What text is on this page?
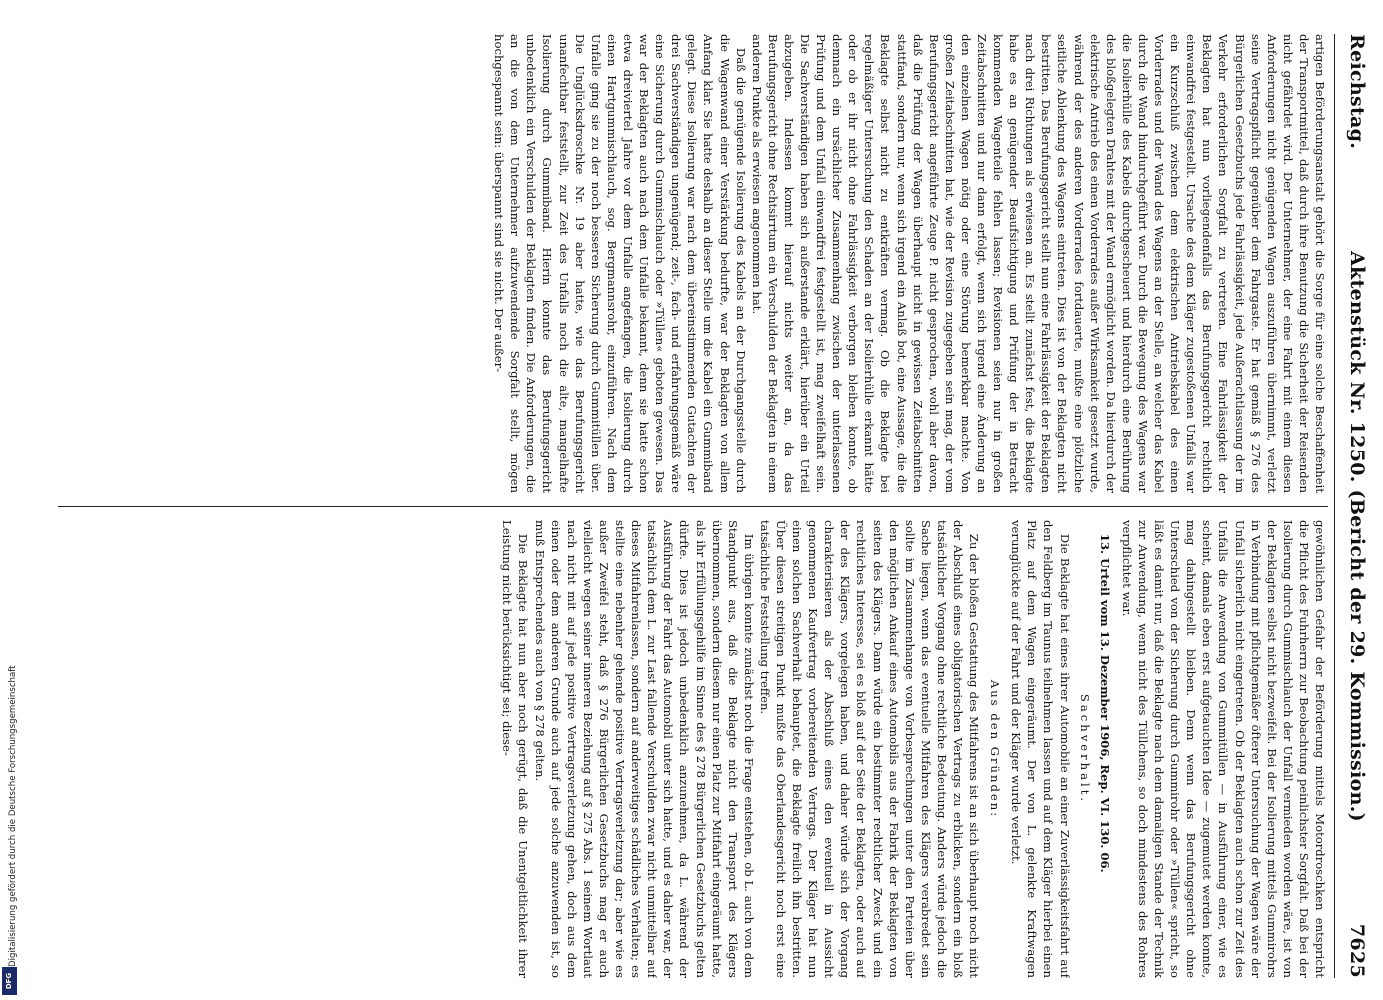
Digitalisierung gefördert durch die Deutsche Forschungsgemeinschaft
DFG
Reichstag.
Aktenstück Nr. 1250. (Bericht der 29. Kommission.)
7625

artigen Beförderungsanstalt gehört die Sorge für eine solche Beschaffenheit der Transportmittel, daß durch ihre Benutzung die Sicherheit der Reisenden nicht gefährdet wird. Der Unternehmer, der eine Fahrt mit einem diesen Anforderungen nicht genügenden Wagen auszuführen übernimmt, verletzt seine Vertragspflicht gegenüber dem Fahrgaste. Er hat gemäß § 276 des Bürgerlichen Gesetzbuchs jede Fahrlässigkeit, jede Außerachtlassung der im Verkehr erforderlichen Sorgfalt zu vertreten. Eine Fahrlässigkeit der Beklagten hat nun vorliegendenfalls das Berufungsgericht rechtlich einwandfrei festgestellt. Ursache des dem Kläger zugestoßenen Unfalls war ein Kurzschluß zwischen dem elektrischen Antriebskabel des einen Vorderrades und der Wand des Wagens an der Stelle, an welcher das Kabel durch die Wand hindurchgeführt war. Durch die Bewegung des Wagens war die Isolierhülle des Kabels durchgescheuert und hierdurch eine Berührung des bloßgelegten Drahtes mit der Wand ermöglicht worden. Da hierdurch der elektrische Antrieb des einen Vorderrades außer Wirksamkeit gesetzt wurde, während der des anderen Vorderrades fortdauerte, mußte eine plötzliche seitliche Ablenkung des Wagens eintreten. Dies ist von der Beklagten nicht bestritten. Das Berufungsgericht stellt nun eine Fahrlässigkeit der Beklagten nach drei Richtungen als erwiesen an. Es stellt zunächst fest, die Beklagte habe es an genügender Beaufsichtigung und Prüfung der in Betracht kommenden Wagenteile fehlen lassen; Revisionen seien nur in großen Zeitabschnitten und nur dann erfolgt, wenn sich irgend eine Änderung an den einzelnen Wagen nötig oder eine Störung bemerkbar machte. Von großen Zeitabschnitten hat, wie der Revision zugegeben sein mag, der vom Berufungsgericht angeführte Zeuge P. nicht gesprochen, wohl aber davon, daß die Prüfung der Wagen überhaupt nicht in gewissen Zeitabschnitten stattfand, sondern nur, wenn sich irgend ein Anlaß bot, eine Aussage, die die Beklagte selbst nicht zu entkräften vermag. Ob die Beklagte bei regelmäßiger Untersuchung den Schaden an der Isolierhülle erkannt hätte oder ob er ihr nicht ohne Fahrlässigkeit verborgen bleiben konnte, ob demnach ein ursächlicher Zusammenhang zwischen der unterlassenen Prüfung und dem Unfall einwandfrei festgestellt ist, mag zweifelhaft sein. Die Sachverständigen haben sich außerstande erklärt, hierüber ein Urteil abzugeben. Indessen kommt hierauf nichts weiter an, da das Berufungsgericht ohne Rechtsirrtum ein Verschulden der Beklagten in einem anderen Punkte als erwiesen angenommen hat.

Daß die genügende Isolierung des Kabels an der Durchgangsstelle durch die Wagenwand einer Verstärkung bedurfte, war der Beklagten von allem Anfang klar. Sie hatte deshalb an dieser Stelle um die Kabel ein Gummiband gelegt. Diese Isolierung war nach dem übereinstimmenden Gutachten der drei Sachverständigen ungenügend; zeit-, fach- und erfahrungsgemäß wäre eine Sicherung durch Gummischlauch oder »Tüllen« geboten gewesen. Das war der Beklagten auch nach dem Unfalle bekannt, denn sie hatte schon etwa dreiviertel Jahre vor dem Unfalle angefangen, die Isolierung durch einen Hartgummischlauch, sog. Bergmannsrohr, einzuführen. Nach dem Unfalle ging sie zu der noch besseren Sicherung durch Gummitüllen über. Die Unglücksdroschke Nr. 19 aber hatte, wie das Berufungsgericht unanfechtbar feststellt, zur Zeit des Unfalls noch die alte, mangelhafte Isolierung durch Gummiband. Hierin konnte das Berufungsgericht unbedenklich ein Verschulden der Beklagten finden. Die Anforderungen, die an die von dem Unternehmer aufzuwendende Sorgfalt stellt, mögen hochgespannt sein: überspannt sind sie nicht. Der außer-

gewöhnlichen Gefahr der Beförderung mittels Motordroschken entspricht die Pflicht des Fuhrherrn zur Beobachtung peinlichster Sorgfalt. Daß bei der Isolierung durch Gummischlauch der Unfall vermieden worden wäre, ist von der Beklagten selbst nicht bezweifelt. Bei der Isolierung mittels Gummirohrs in Verbindung mit pflichtgemäßer öfterer Untersuchung der Wagen wäre der Unfall sicherlich nicht eingetreten. Ob der Beklagten auch schon zur Zeit des Unfalls die Anwendung von Gummitüllen — in Ausführung einer, wie es scheint, damals eben erst aufgetauchten Idee — zugemutet werden konnte, mag dahingestellt bleiben. Denn wenn das Berufungsgericht ohne Unterschied von der Sicherung durch Gummirohr oder »Tüllen« spricht, so läßt es damit nur, daß die Beklagte nach dem damaligen Stande der Technik zur Anwendung, wenn nicht des Tüllchens, so doch mindestens des Rohres verpflichtet war.

13. Urteil vom 13. Dezember 1906, Rep. VI. 130. 06.

Sachverhalt.

Die Beklagte hat eines ihrer Automobile an einer Zuverlässigkeitsfahrt auf den Feldberg im Taunus teilnehmen lassen und auf dem Kläger hierbei einen Platz auf dem Wagen eingeräumt. Der von L. gelenkte Kraftwagen verunglückte auf der Fahrt und der Kläger wurde verletzt.

Aus den Gründen:

Zu der bloßen Gestattung des Mitfahrens ist an sich überhaupt noch nicht der Abschluß eines obligatorischen Vertrags zu erblicken, sondern ein bloß tatsächlicher Vorgang ohne rechtliche Bedeutung. Anders würde jedoch die Sache liegen, wenn das eventuelle Mitfahren des Klägers verabredet sein sollte im Zusammenhange von Vorbesprechungen unter den Parteien über den möglichen Ankauf eines Automobils aus der Fabrik der Beklagten von seiten des Klägers. Dann würde ein bestimmter rechtlicher Zweck und ein rechtliches Interesse, sei es bloß auf der Seite der Beklagten, oder auch auf der des Klägers, vorgelegen haben, und daher würde sich der Vorgang charakterisieren als der Abschluß eines den eventuell in Aussicht genommenen Kaufvertrag vorbereitenden Vertrags. Der Kläger hat nun einen solchen Sachverhalt behauptet, die Beklagte freilich ihn bestritten. Über diesen streitigen Punkt mußte das Oberlandesgericht noch erst eine tatsächliche Feststellung treffen.

Im übrigen konnte zunächst noch die Frage entstehen, ob L. auch von dem Standpunkt aus, daß die Beklagte nicht den Transport des Klägers übernommen, sondern diesem nur einen Platz zur Mitfahrt eingeräumt hatte, als ihr Erfüllungsgehilfe im Sinne des § 278 Bürgerlichen Gesetzbuchs gelten dürfte. Dies ist jedoch unbedenklich anzunehmen, da L. während der Ausführung der Fahrt das Automobil unter sich hatte, und es daher war, der tatsächlich dem L. zur Last fallende Verschulden zwar nicht unmittelbar auf dieses Mitfahrenlassen, sondern auf anderweitiges schädliches Verhalten; es stellte eine nebenher gehende positive Vertragsverletzung dar; aber wie es außer Zweifel steht, daß § 276 Bürgerlichen Gesetzbuchs mag er auch vielleicht wegen seiner inneren Beziehung auf § 275 Abs. 1 seinem Wortlaut nach nicht mit auf jede positive Vertragsverletzung gehen, doch aus dem einen oder dem anderen Grunde auch auf jede solche anzuwenden ist, so muß Entsprechendes auch von § 278 gelten.

Die Beklagte hat nun aber noch gerügt, daß die Unentgeltlichkeit ihrer Leistung nicht berücksichtigt sei; diese-
